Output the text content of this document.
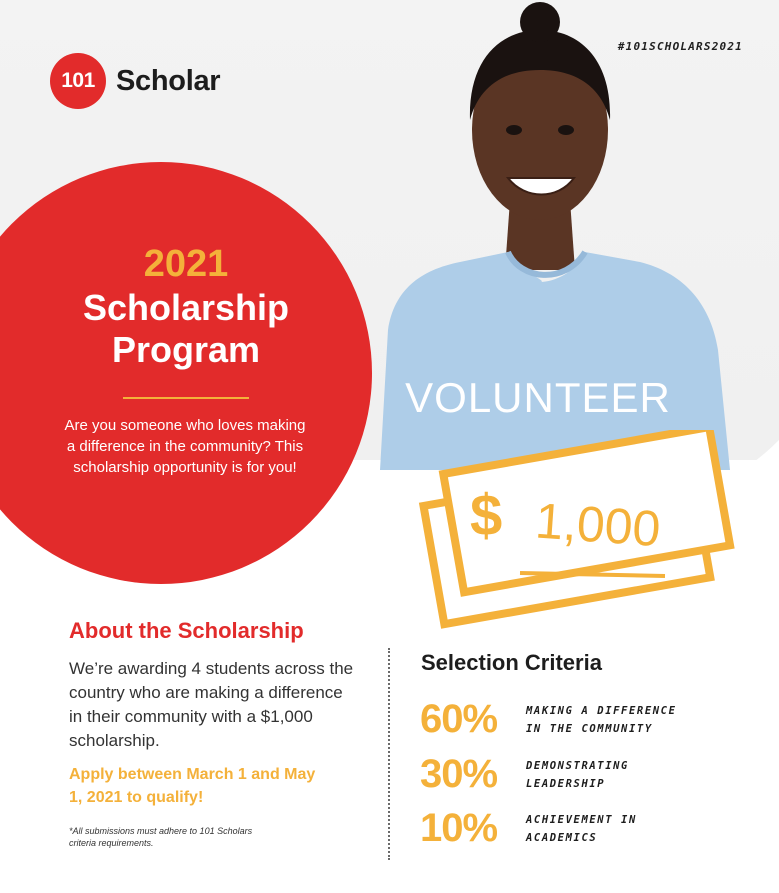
VOLUNTEER
101 Scholar
#101SCHOLARS2021
2021
Scholarship
Program
Are you someone who loves making a difference in the community? This scholarship opportunity is for you!
$ 1,000
About the Scholarship
We’re awarding 4 students across the country who are making a difference in their community with a $1,000 scholarship.
Apply between March 1 and May 1, 2021 to qualify!
*All submissions must adhere to 101 Scholars criteria requirements.
Selection Criteria
60%	MAKING A DIFFERENCE
IN THE COMMUNITY
30%	DEMONSTRATING
LEADERSHIP
10%	ACHIEVEMENT IN
ACADEMICS
